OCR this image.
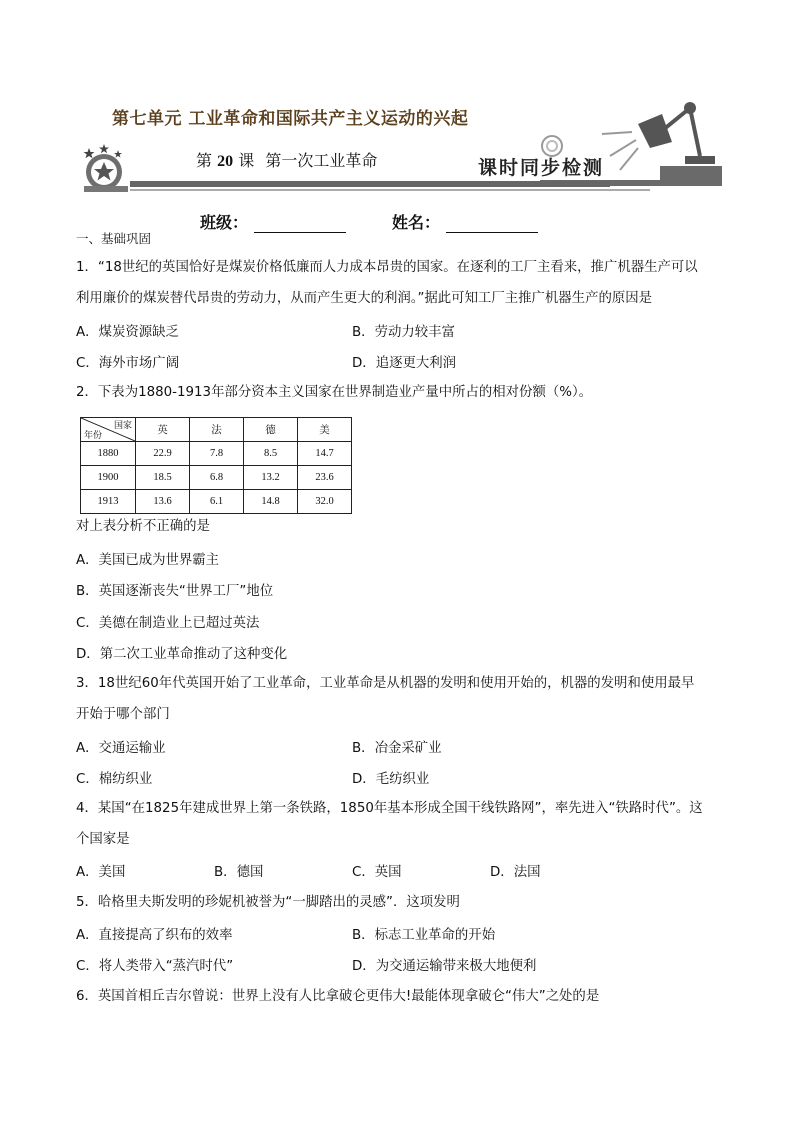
第七单元 工业革命和国际共产主义运动的兴起
第 20 课 第一次工业革命	课时同步检测
班级：	姓名：
一、基础巩固
1．“18世纪的英国恰好是煤炭价格低廉而人力成本昂贵的国家。在逐利的工厂主看来，推广机器生产可以
利用廉价的煤炭替代昂贵的劳动力，从而产生更大的利润。”据此可知工厂主推广机器生产的原因是
A．煤炭资源缺乏	B．劳动力较丰富
C．海外市场广阔	D．追逐更大利润
2．下表为1880-1913年部分资本主义国家在世界制造业产量中所占的相对份额（%）。
国家
年份	英	法	德	美
1880	22.9	7.8	8.5	14.7
1900	18.5	6.8	13.2	23.6
1913	13.6	6.1	14.8	32.0
对上表分析不正确的是
A．美国已成为世界霸主
B．英国逐渐丧失“世界工厂”地位
C．美德在制造业上已超过英法
D．第二次工业革命推动了这种变化
3．18世纪60年代英国开始了工业革命，工业革命是从机器的发明和使用开始的，机器的发明和使用最早
开始于哪个部门
A．交通运输业	B．冶金采矿业
C．棉纺织业	D．毛纺织业
4．某国“在1825年建成世界上第一条铁路，1850年基本形成全国干线铁路网”，率先进入“铁路时代”。这
个国家是
A．美国	B．德国	C．英国	D．法国
5．哈格里夫斯发明的珍妮机被誉为“一脚踏出的灵感”．这项发明
A．直接提高了织布的效率	B．标志工业革命的开始
C．将人类带入“蒸汽时代”	D．为交通运输带来极大地便利
6．英国首相丘吉尔曾说：世界上没有人比拿破仑更伟大!最能体现拿破仑“伟大”之处的是
